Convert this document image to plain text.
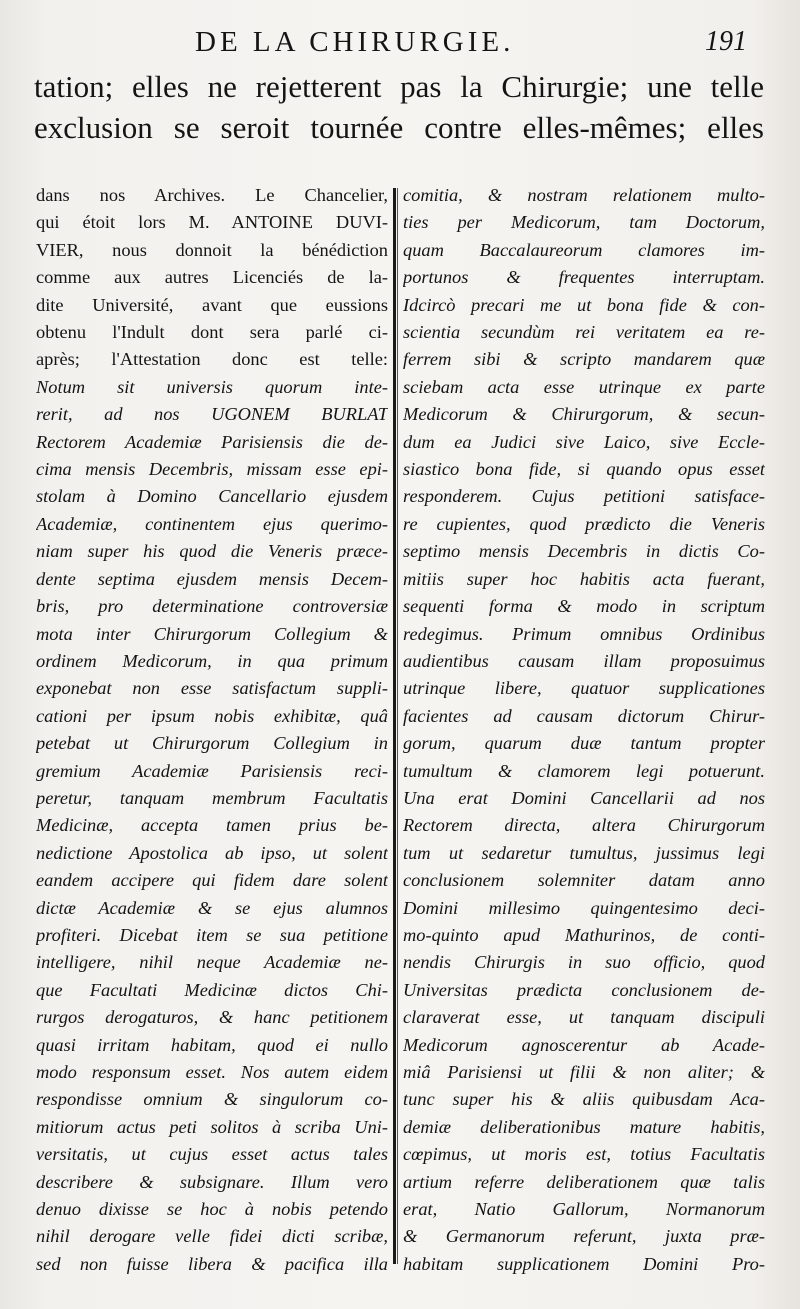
DE LA CHIRURGIE.	191
tation; elles ne rejetterent pas la Chirurgie; une telle
exclusion se seroit tournée contre elles-mêmes; elles
dans nos Archives. Le Chancelier,
qui étoit lors M. ANTOINE DUVI-
VIER, nous donnoit la bénédiction
comme aux autres Licenciés de la-
dite Université, avant que eussions
obtenu l'Indult dont sera parlé ci-
après; l'Attestation donc est telle:
Notum sit universis quorum inte-
rerit, ad nos UGONEM BURLAT
Rectorem Academiæ Parisiensis die de-
cima mensis Decembris, missam esse epi-
stolam à Domino Cancellario ejusdem
Academiæ, continentem ejus querimo-
niam super his quod die Veneris præce-
dente septima ejusdem mensis Decem-
bris, pro determinatione controversiæ
mota inter Chirurgorum Collegium &
ordinem Medicorum, in qua primum
exponebat non esse satisfactum suppli-
cationi per ipsum nobis exhibitæ, quâ
petebat ut Chirurgorum Collegium in
gremium Academiæ Parisiensis reci-
peretur, tanquam membrum Facultatis
Medicinæ, accepta tamen prius be-
nedictione Apostolica ab ipso, ut solent
eandem accipere qui fidem dare solent
dictæ Academiæ & se ejus alumnos
profiteri. Dicebat item se sua petitione
intelligere, nihil neque Academiæ ne-
que Facultati Medicinæ dictos Chi-
rurgos derogaturos, & hanc petitionem
quasi irritam habitam, quod ei nullo
modo responsum esset. Nos autem eidem
respondisse omnium & singulorum co-
mitiorum actus peti solitos à scriba Uni-
versitatis, ut cujus esset actus tales
describere & subsignare. Illum vero
denuo dixisse se hoc à nobis petendo
nihil derogare velle fidei dicti scribæ,
sed non fuisse libera & pacifica illa
comitia, & nostram relationem multo-
ties per Medicorum, tam Doctorum,
quam Baccalaureorum clamores im-
portunos & frequentes interruptam.
Idcircò precari me ut bona fide & con-
scientia secundùm rei veritatem ea re-
ferrem sibi & scripto mandarem quæ
sciebam acta esse utrinque ex parte
Medicorum & Chirurgorum, & secun-
dum ea Judici sive Laico, sive Eccle-
siastico bona fide, si quando opus esset
responderem. Cujus petitioni satisface-
re cupientes, quod prædicto die Veneris
septimo mensis Decembris in dictis Co-
mitiis super hoc habitis acta fuerant,
sequenti forma & modo in scriptum
redegimus. Primum omnibus Ordinibus
audientibus causam illam proposuimus
utrinque libere, quatuor supplicationes
facientes ad causam dictorum Chirur-
gorum, quarum duæ tantum propter
tumultum & clamorem legi potuerunt.
Una erat Domini Cancellarii ad nos
Rectorem directa, altera Chirurgorum
tum ut sedaretur tumultus, jussimus legi
conclusionem solemniter datam anno
Domini millesimo quingentesimo deci-
mo-quinto apud Mathurinos, de conti-
nendis Chirurgis in suo officio, quod
Universitas prædicta conclusionem de-
claraverat esse, ut tanquam discipuli
Medicorum agnoscerentur ab Acade-
miâ Parisiensi ut filii & non aliter; &
tunc super his & aliis quibusdam Aca-
demiæ deliberationibus mature habitis,
cœpimus, ut moris est, totius Facultatis
artium referre deliberationem quæ talis
erat, Natio Gallorum, Normanorum
& Germanorum referunt, juxta præ-
habitam supplicationem Domini Pro-
